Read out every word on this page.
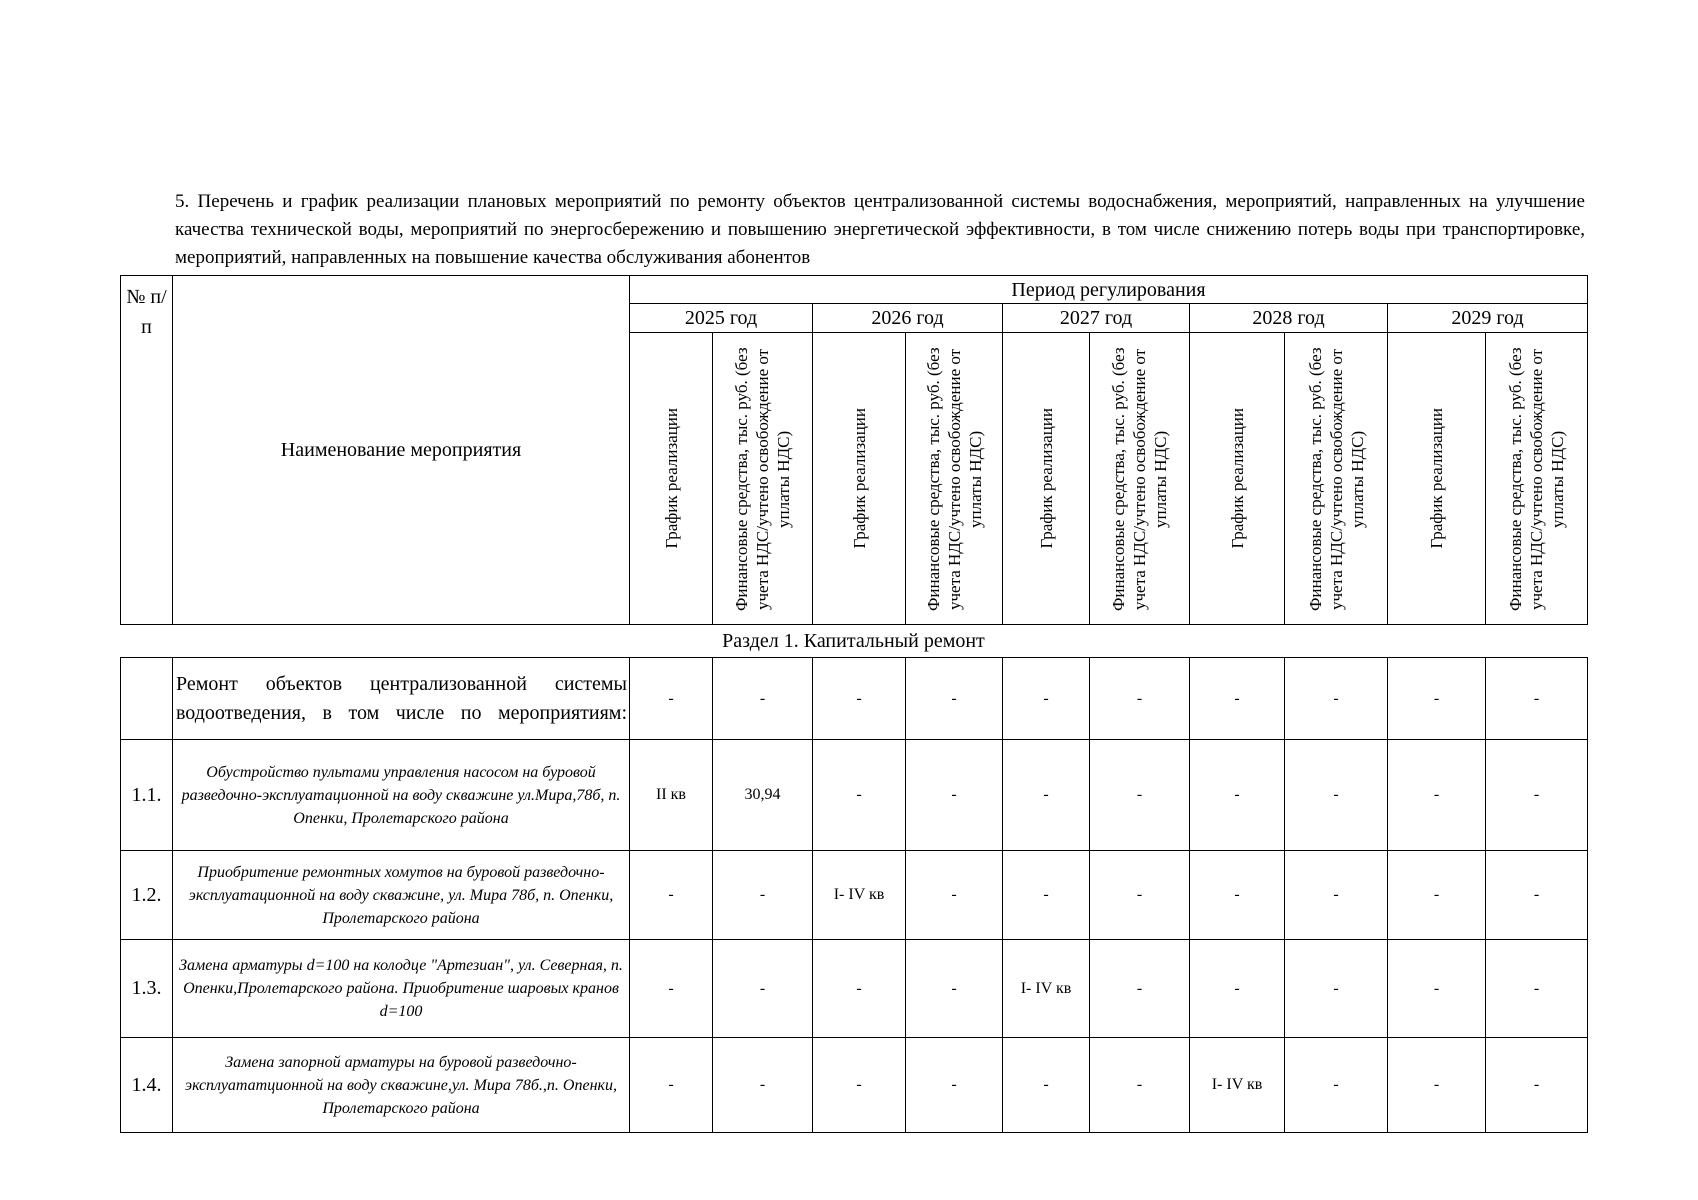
5. Перечень и график реализации плановых мероприятий по ремонту объектов централизованной системы водоснабжения, мероприятий, направленных на улучшение качества технической воды, мероприятий по энергосбережению и повышению энергетической эффективности, в том числе снижению потерь воды при транспортировке, мероприятий, направленных на повышение качества обслуживания абонентов
№ п/п	Наименование мероприятия	Период регулирования									
		2025 год		2026 год		2027 год		2028 год		2029 год	

		График реализации	Финансовые средства, тыс. руб. (без учета НДС/учтено освобождение от уплаты НДС)	График реализации	Финансовые средства, тыс. руб. (без учета НДС/учтено освобождение от уплаты НДС)	График реализации	Финансовые средства, тыс. руб. (без учета НДС/учтено освобождение от уплаты НДС)	График реализации	Финансовые средства, тыс. руб. (без учета НДС/учтено освобождение от уплаты НДС)	График реализации	Финансовые средства, тыс. руб. (без учета НДС/учтено освобождение от уплаты НДС)
Раздел 1. Капитальный ремонт
	Ремонт объектов централизованной системы водоотведения, в том числе по мероприятиям:	-	-	-	-	-	-	-	-	-	-
1.1.	Обустройство пультами управления насосом на буровой разведочно-эксплуатационной на воду скважине ул.Мира,78б, п. Опенки, Пролетарского района	II кв	30,94	-	-	-	-	-	-	-	-
1.2.	Приобритение ремонтных хомутов на буровой разведочно- эксплуатационной на воду скважине, ул. Мира 78б, п. Опенки, Пролетарского района	-	-	I- IV кв	-	-	-	-	-	-	-
1.3.	Замена арматуры d=100 на колодце "Артезиан", ул. Северная, п. Опенки,Пролетарского района. Приобритение шаровых кранов d=100	-	-	-	-	I- IV кв	-	-	-	-	-
1.4.	Замена запорной арматуры на буровой разведочно-эксплуататционной на воду скважине,ул. Мира 78б.,п. Опенки, Пролетарского района	-	-	-	-	-	-	I- IV кв	-	-	-
